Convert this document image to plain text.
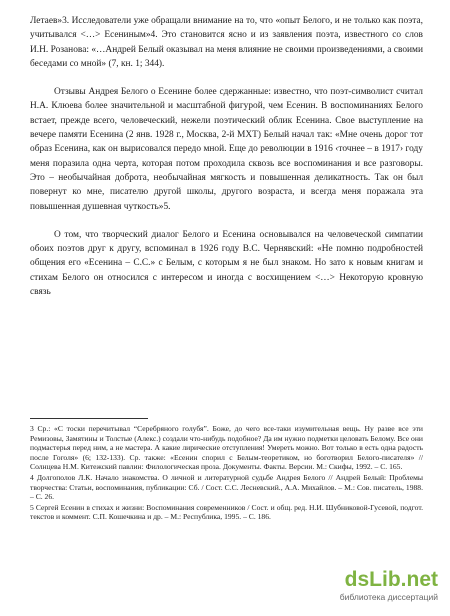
Летаев»3. Исследователи уже обращали внимание на то, что «опыт Белого, и не только как поэта, учитывался <…> Есениным»4. Это становится ясно и из заявления поэта, известного со слов И.Н. Розанова: «…Андрей Белый оказывал на меня влияние не своими произведениями, а своими беседами со мной» (7, кн. 1; 344).

Отзывы Андрея Белого о Есенине более сдержанные: известно, что поэт-символист считал Н.А. Клюева более значительной и масштабной фигурой, чем Есенин. В воспоминаниях Белого встает, прежде всего, человеческий, нежели поэтический облик Есенина. Свое выступление на вечере памяти Есенина (2 янв. 1928 г., Москва, 2-й МХТ) Белый начал так: «Мне очень дорог тот образ Есенина, как он вырисовался передо мной. Еще до революции в 1916 ‹точнее – в 1917› году меня поразила одна черта, которая потом проходила сквозь все воспоминания и все разговоры. Это – необычайная доброта, необычайная мягкость и повышенная деликатность. Так он был повернут ко мне, писателю другой школы, другого возраста, и всегда меня поражала эта повышенная душевная чуткость»5.

О том, что творческий диалог Белого и Есенина основывался на человеческой симпатии обоих поэтов друг к другу, вспоминал в 1926 году В.С. Чернявский: «Не помню подробностей общения его «Есенина – С.С.» с Белым, с которым я не был знаком. Но зато к новым книгам и стихам Белого он относился с интересом и иногда с восхищением <…> Некоторую кровную связь

3 Ср.: «С тоски перечитывал “Серебряного голубя”. Боже, до чего все-таки изумительная вещь. Ну разве все эти Ремизовы, Замятины и Толстые (Алекс.) создали что-нибудь подобное? Да им нужно подметки целовать Белому. Все они подмастерья перед ним, а не мастера. А какие лирические отступления! Умереть можно. Вот только в есть одна радость после Гоголя» (6; 132-133). Ср. также: «Есенин спорил с Белым-теоретиком, но боготворил Белого-писателя» // Солнцева Н.М. Китежский павлин: Филологическая проза. Документы. Факты. Версии. М.: Скифы, 1992. – С. 165.

4 Долгополов Л.К. Начало знакомства. О личной и литературной судьбе Андрея Белого // Андрей Белый: Проблемы творчества: Статьи, воспоминания, публикации: Сб. / Сост. С.С. Лесневский., А.А. Михайлов. – М.: Сов. писатель, 1988. – С. 26.

5 Сергей Есенин в стихах и жизни: Воспоминания современников / Сост. и общ. ред. Н.И. Шубниковой-Гусевой, подгот. текстов и коммент. С.П. Кошечкина и др. – М.: Республика, 1995. – С. 186.

dsLib.net
библиотека диссертаций
